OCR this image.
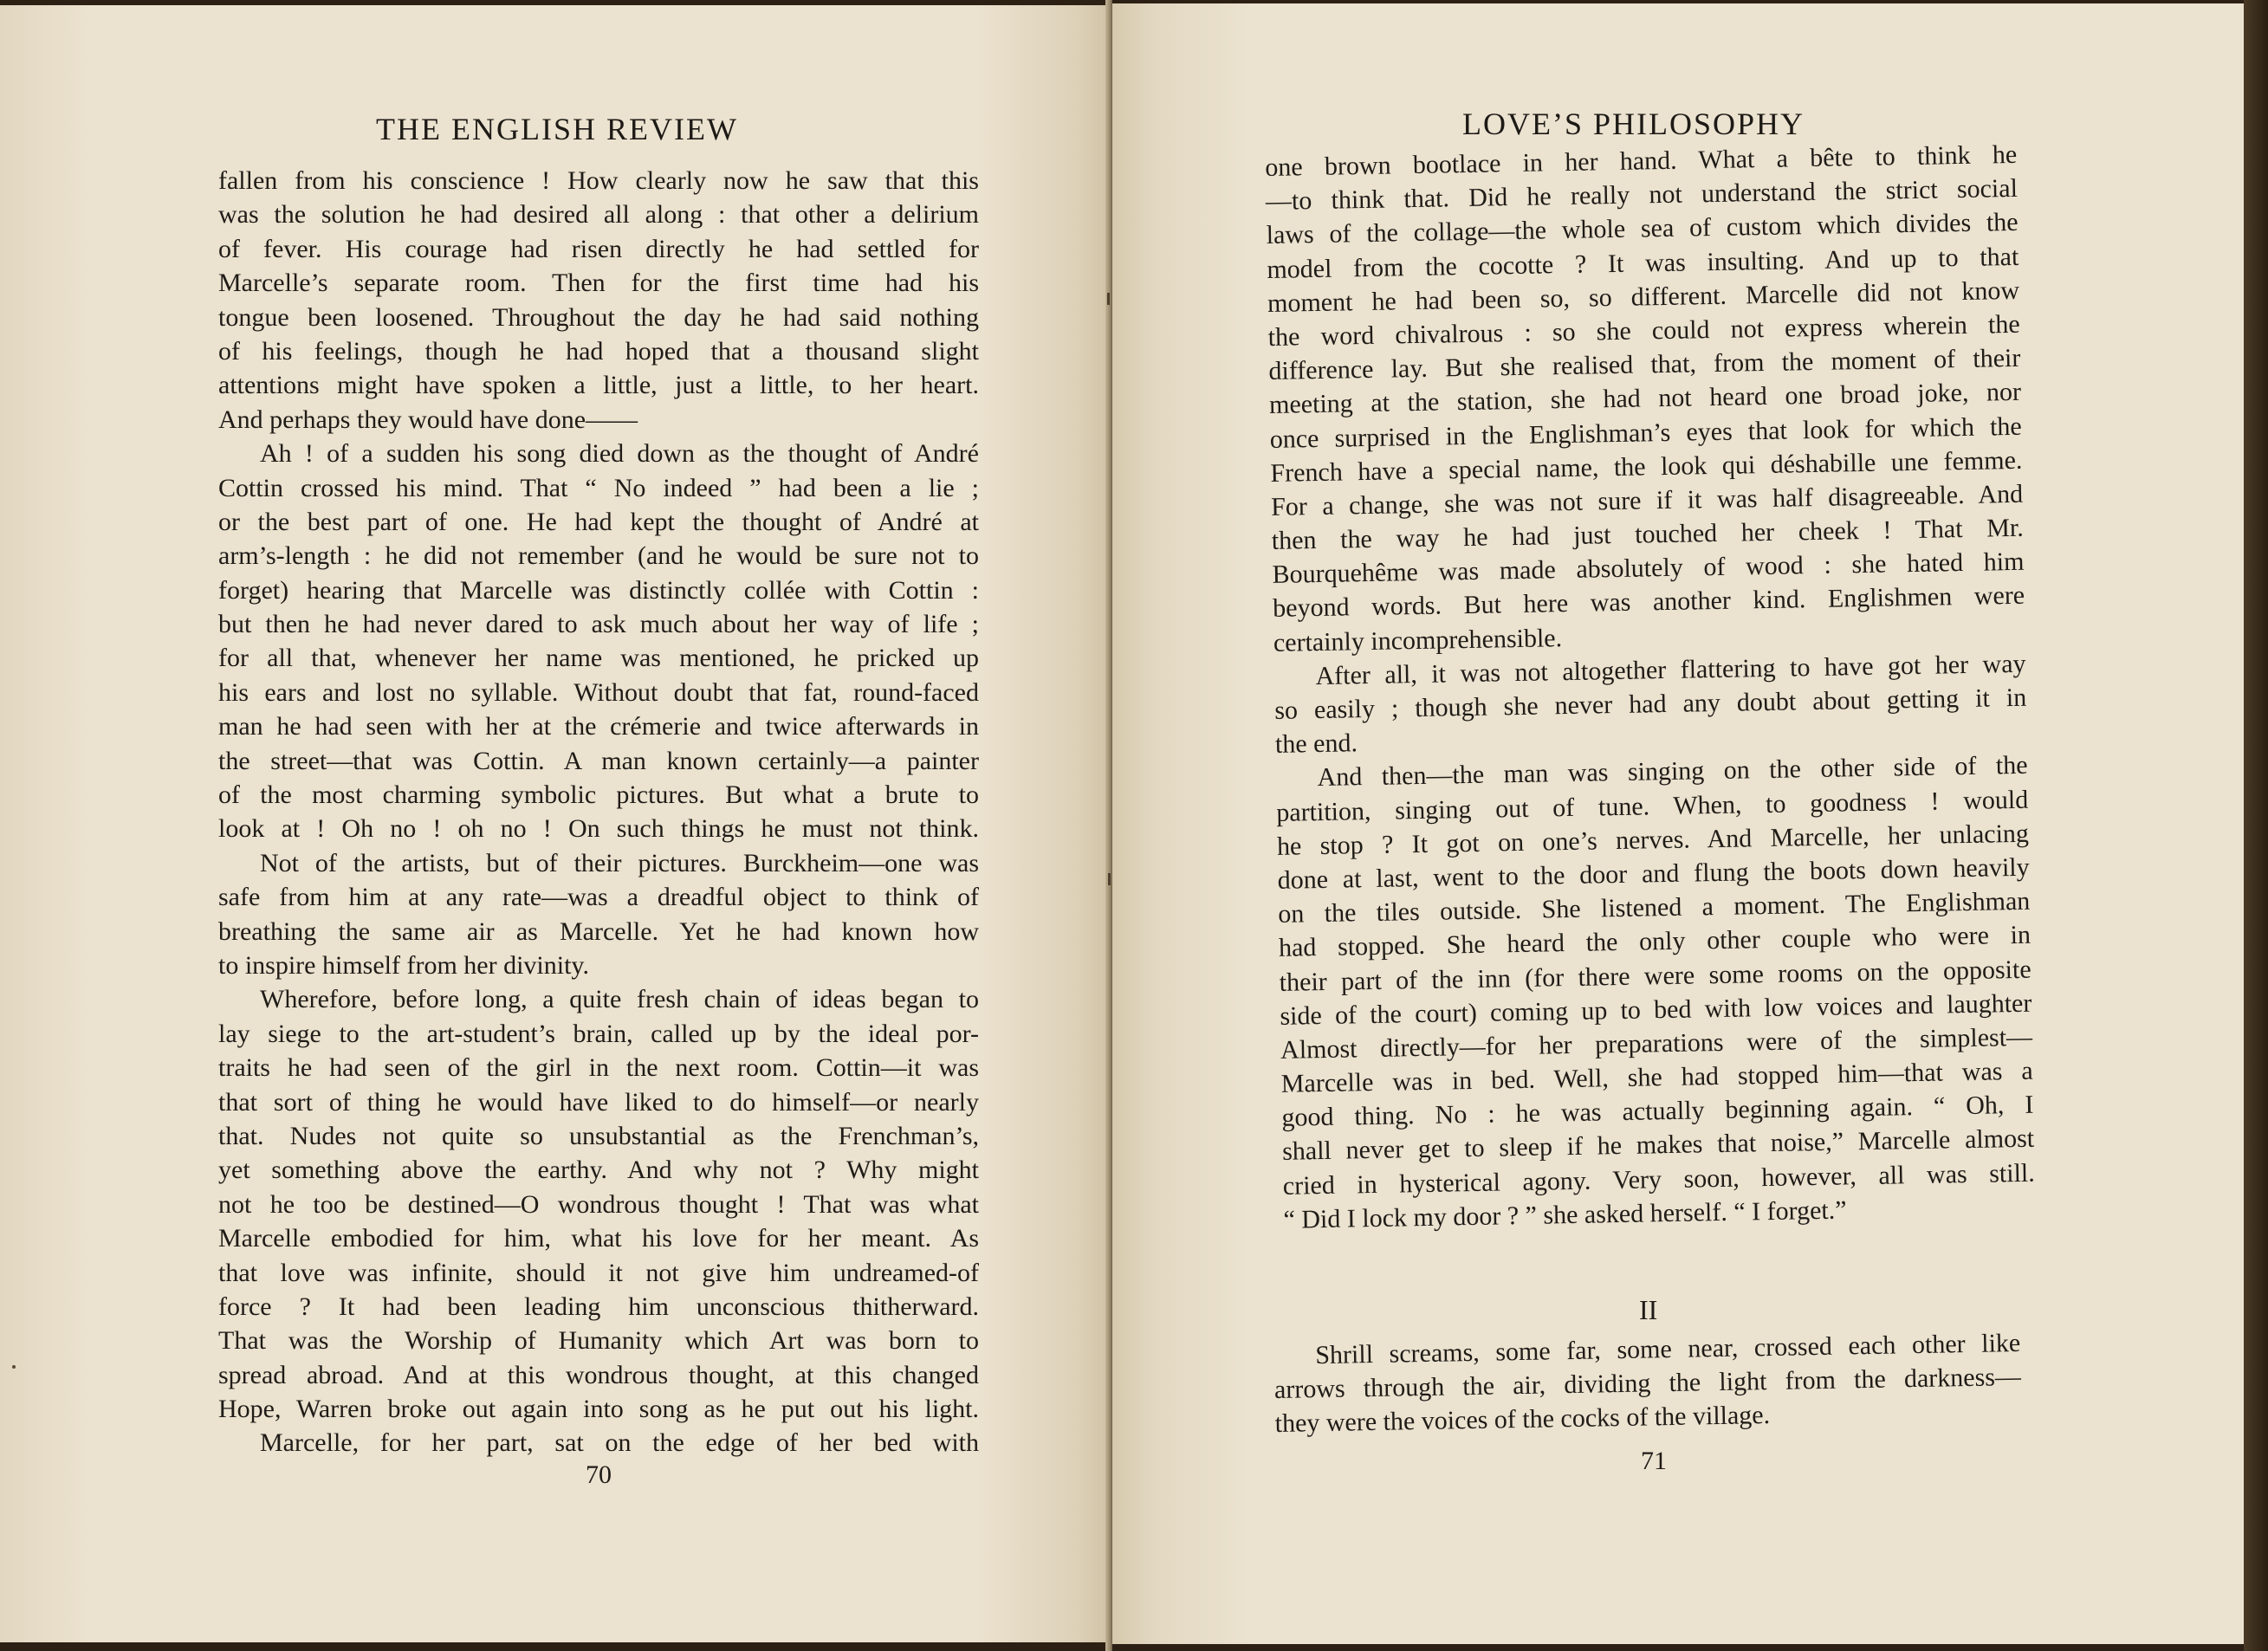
THE ENGLISH REVIEW
fallen from his conscience ! How clearly now he saw that this
was the solution he had desired all along : that other a delirium
of fever. His courage had risen directly he had settled for
Marcelle’s separate room. Then for the first time had his
tongue been loosened. Throughout the day he had said nothing
of his feelings, though he had hoped that a thousand slight
attentions might have spoken a little, just a little, to her heart.
And perhaps they would have done——
Ah ! of a sudden his song died down as the thought of André
Cottin crossed his mind. That “ No indeed ” had been a lie ;
or the best part of one. He had kept the thought of André at
arm’s-length : he did not remember (and he would be sure not to
forget) hearing that Marcelle was distinctly collée with Cottin :
but then he had never dared to ask much about her way of life ;
for all that, whenever her name was mentioned, he pricked up
his ears and lost no syllable. Without doubt that fat, round-faced
man he had seen with her at the crémerie and twice afterwards in
the street—that was Cottin. A man known certainly—a painter
of the most charming symbolic pictures. But what a brute to
look at ! Oh no ! oh no ! On such things he must not think.
Not of the artists, but of their pictures. Burckheim—one was
safe from him at any rate—was a dreadful object to think of
breathing the same air as Marcelle. Yet he had known how
to inspire himself from her divinity.
Wherefore, before long, a quite fresh chain of ideas began to
lay siege to the art-student’s brain, called up by the ideal por-
traits he had seen of the girl in the next room. Cottin—it was
that sort of thing he would have liked to do himself—or nearly
that. Nudes not quite so unsubstantial as the Frenchman’s,
yet something above the earthy. And why not ? Why might
not he too be destined—O wondrous thought ! That was what
Marcelle embodied for him, what his love for her meant. As
that love was infinite, should it not give him undreamed-of
force ? It had been leading him unconscious thitherward.
That was the Worship of Humanity which Art was born to
spread abroad. And at this wondrous thought, at this changed
Hope, Warren broke out again into song as he put out his light.
Marcelle, for her part, sat on the edge of her bed with
70
LOVE’S PHILOSOPHY
one brown bootlace in her hand. What a bête to think he
—to think that. Did he really not understand the strict social
laws of the collage—the whole sea of custom which divides the
model from the cocotte ? It was insulting. And up to that
moment he had been so, so different. Marcelle did not know
the word chivalrous : so she could not express wherein the
difference lay. But she realised that, from the moment of their
meeting at the station, she had not heard one broad joke, nor
once surprised in the Englishman’s eyes that look for which the
French have a special name, the look qui déshabille une femme.
For a change, she was not sure if it was half disagreeable. And
then the way he had just touched her cheek ! That Mr.
Bourquehême was made absolutely of wood : she hated him
beyond words. But here was another kind. Englishmen were
certainly incomprehensible.
After all, it was not altogether flattering to have got her way
so easily ; though she never had any doubt about getting it in
the end.
And then—the man was singing on the other side of the
partition, singing out of tune. When, to goodness ! would
he stop ? It got on one’s nerves. And Marcelle, her unlacing
done at last, went to the door and flung the boots down heavily
on the tiles outside. She listened a moment. The Englishman
had stopped. She heard the only other couple who were in
their part of the inn (for there were some rooms on the opposite
side of the court) coming up to bed with low voices and laughter
Almost directly—for her preparations were of the simplest—
Marcelle was in bed. Well, she had stopped him—that was a
good thing. No : he was actually beginning again. “ Oh, I
shall never get to sleep if he makes that noise,” Marcelle almost
cried in hysterical agony. Very soon, however, all was still.
“ Did I lock my door ? ” she asked herself. “ I forget.”
II
Shrill screams, some far, some near, crossed each other like
arrows through the air, dividing the light from the darkness—
they were the voices of the cocks of the village.
71
